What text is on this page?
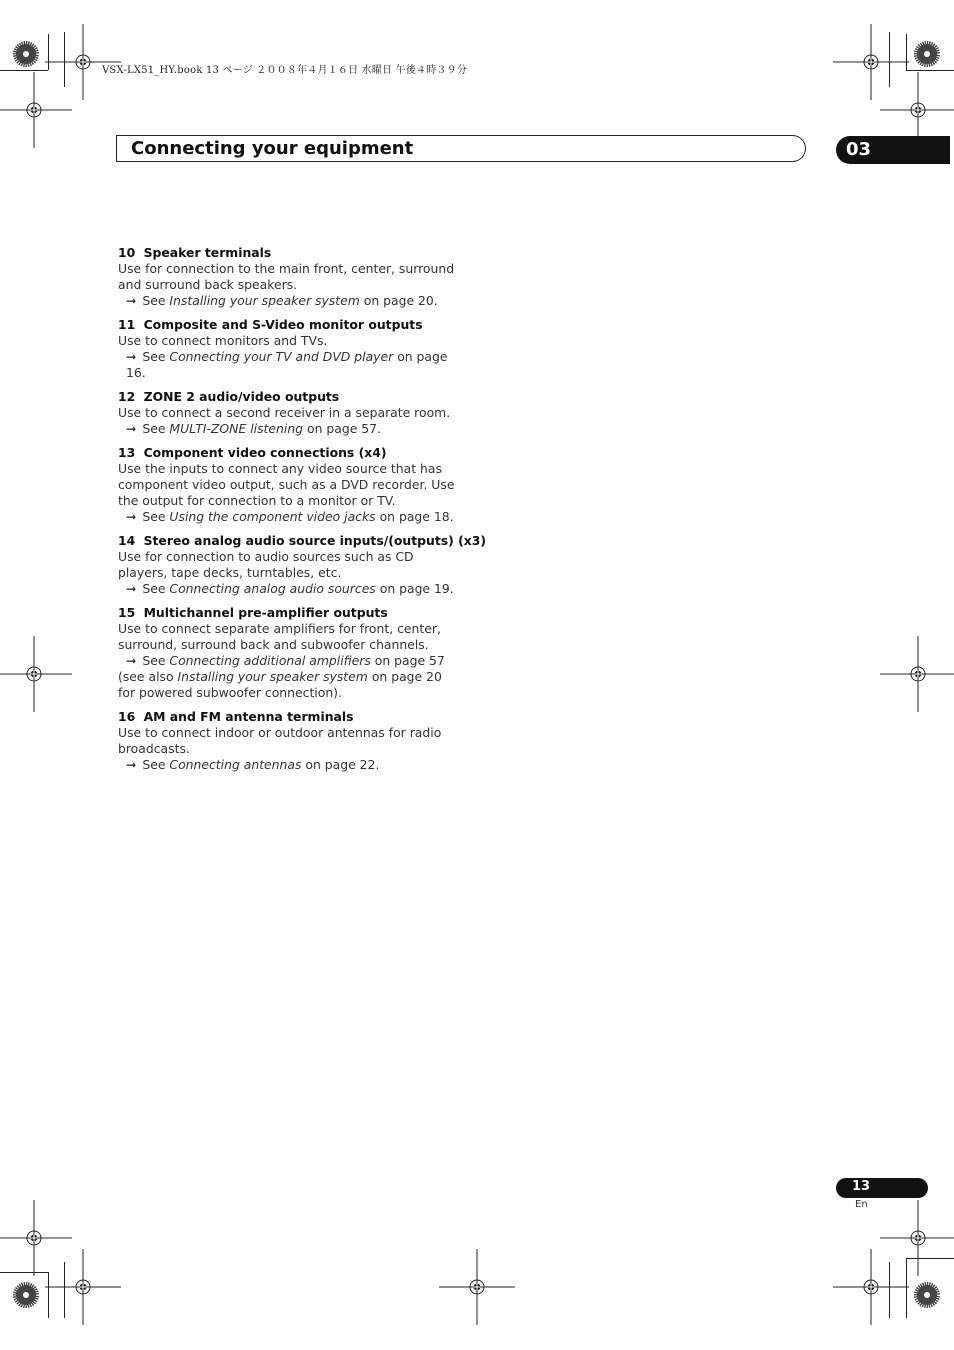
VSX-LX51_HY.book 13 ページ ２００８年４月１６日 水曜日 午後４時３９分
Connecting your equipment	03
10 Speaker terminals
Use for connection to the main front, center, surround and surround back speakers.
➞ See Installing your speaker system on page 20.
11 Composite and S-Video monitor outputs
Use to connect monitors and TVs.
➞ See Connecting your TV and DVD player on page 16.
12 ZONE 2 audio/video outputs
Use to connect a second receiver in a separate room.
➞ See MULTI-ZONE listening on page 57.
13 Component video connections (x4)
Use the inputs to connect any video source that has component video output, such as a DVD recorder. Use the output for connection to a monitor or TV.
➞ See Using the component video jacks on page 18.
14 Stereo analog audio source inputs/(outputs) (x3)
Use for connection to audio sources such as CD players, tape decks, turntables, etc.
➞ See Connecting analog audio sources on page 19.
15 Multichannel pre-amplifier outputs
Use to connect separate amplifiers for front, center, surround, surround back and subwoofer channels.
➞ See Connecting additional amplifiers on page 57 (see also Installing your speaker system on page 20 for powered subwoofer connection).
16 AM and FM antenna terminals
Use to connect indoor or outdoor antennas for radio broadcasts.
➞ See Connecting antennas on page 22.
13
En
